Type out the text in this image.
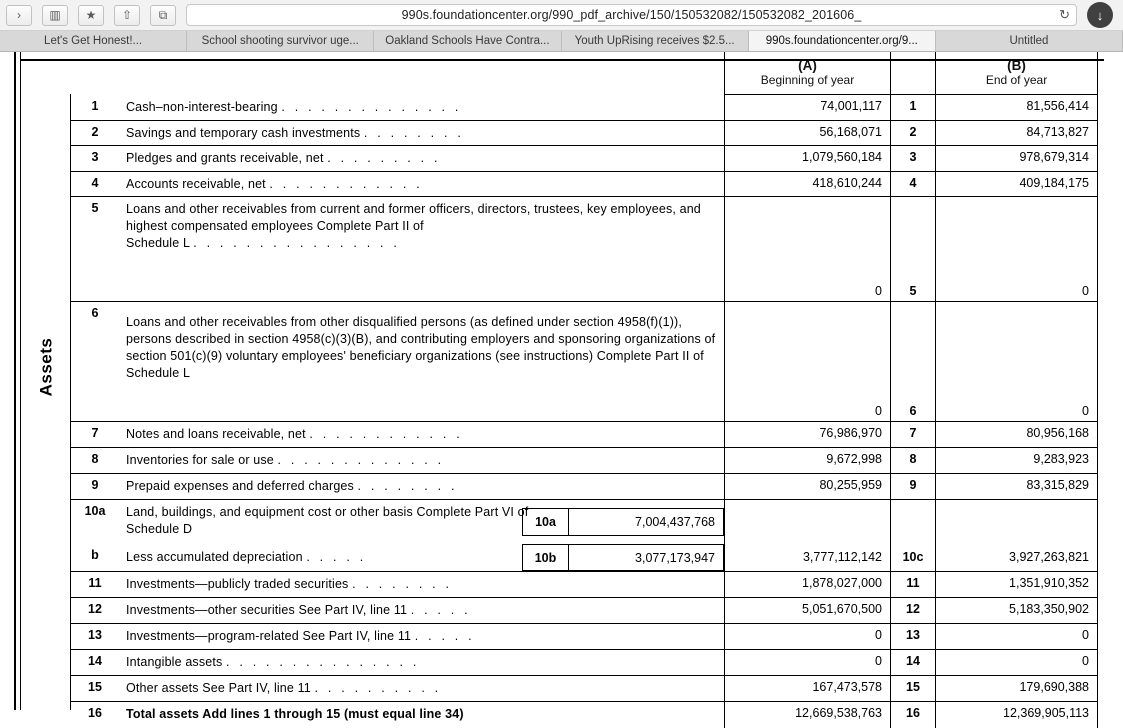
›	▥	★	⇧	⧉	990s.foundationcenter.org/990_pdf_archive/150/150532082/150532082_201606_	↻	↓
Let's Get Honest!...	School shooting survivor uge... Oakland Schools Have Contra... Youth UpRising receives $2.5...	990s.foundationcenter.org/9...	Untitled
(A)
Beginning of year
(B)
End of year
Assets
1	Cash–non-interest-bearing . . . . . . . . . . . . . .	74,001,117	1	81,556,414
2	Savings and temporary cash investments . . . . . . . .	56,168,071	2	84,713,827
3	Pledges and grants receivable, net . . . . . . . . .	1,079,560,184	3	978,679,314
4	Accounts receivable, net . . . . . . . . . . . .	418,610,244	4	409,184,175
5	Loans and other receivables from current and former officers, directors, trustees, key employees, and highest compensated employees Complete Part II of
Schedule L . . . . . . . . . . . . . . . .
0	5	0
6
Loans and other receivables from other disqualified persons (as defined under section 4958(f)(1)), persons described in section 4958(c)(3)(B), and contributing employers and sponsoring organizations of section 501(c)(9) voluntary employees' beneficiary organizations (see instructions) Complete Part II of Schedule L
0	6	0
7	Notes and loans receivable, net . . . . . . . . . . . .	76,986,970	7	80,956,168
8	Inventories for sale or use . . . . . . . . . . . . .	9,672,998	8	9,283,923
9	Prepaid expenses and deferred charges . . . . . . . .	80,255,959	9	83,315,829
10a	Land, buildings, and equipment cost or other basis Complete Part VI of Schedule D	10a	7,004,437,768
b	Less accumulated depreciation . . . . .	10b	3,077,173,947	3,777,112,142	10c	3,927,263,821
11	Investments—publicly traded securities . . . . . . . .	1,878,027,000	11	1,351,910,352
12	Investments—other securities See Part IV, line 11 . . . . .	5,051,670,500	12	5,183,350,902
13	Investments—program-related See Part IV, line 11 . . . . .	0	13	0
14	Intangible assets . . . . . . . . . . . . . . .	0	14	0
15	Other assets See Part IV, line 11 . . . . . . . . . .	167,473,578	15	179,690,388
16	Total assets Add lines 1 through 15 (must equal line 34)	12,669,538,763	16	12,369,905,113
